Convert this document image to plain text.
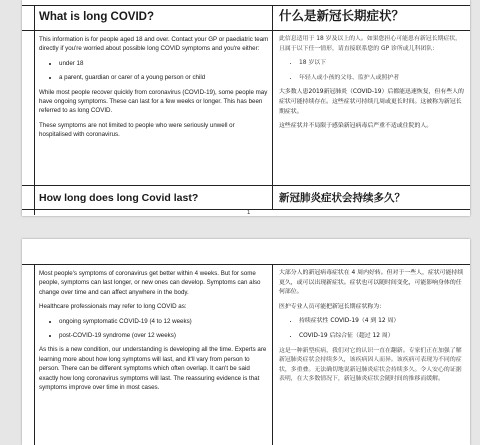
What is long COVID?	什么是新冠长期症状？

This information is for people aged 18 and over. Contact your GP or paediatric team directly if you're worried about possible long COVID symptoms and you're either:

• under 18
• a parent, guardian or carer of a young person or child

While most people recover quickly from coronavirus (COVID-19), some people may have ongoing symptoms. These can last for a few weeks or longer. This has been referred to as long COVID.

These symptoms are not limited to people who were seriously unwell or hospitalised with coronavirus.

此信息适用于 18 岁及以上的人。如果您担心可能患有新冠长期症状，且属于以下任一情形，请直接联系您的 GP 诊所或儿科团队：

• 18 岁以下
• 年轻人或小孩的父母、监护人或照护者

大多数人患2019新冠肺炎（COVID-19）后都能迅速恢复，但有些人的症状可能持续存在。这些症状可持续几周或更长时间。这被称为新冠长期症状。

这些症状并不局限于感染新冠病毒后严重不适或住院的人。

How long does long Covid last?	新冠肺炎症状会持续多久？
1

Most people's symptoms of coronavirus get better within 4 weeks. But for some people, symptoms can last longer, or new ones can develop. Symptoms can also change over time and can affect anywhere in the body.

Healthcare professionals may refer to long COVID as:

• ongoing symptomatic COVID-19 (4 to 12 weeks)
• post-COVID-19 syndrome (over 12 weeks)

As this is a new condition, our understanding is developing all the time. Experts are learning more about how long symptoms will last, and it'll vary from person to person. There can be different symptoms which often overlap. It can't be said exactly how long coronavirus symptoms will last. The reassuring evidence is that symptoms improve over time in most cases.

大部分人的新冠病毒症状在 4 周内好转。但对于一些人，症状可能持续更久，或可以出现新症状。症状也可以随时间变化，可能影响身体的任何部位。

医护专业人员可能把新冠长期症状称为：

• 持续症状性 COVID-19（4 到 12 周）
• COVID-19 后综合征（超过 12 周）

这是一种新型疾病，我们对它的认识一直在翻新。专家们正在加强了解新冠肺炎症状会持续多久，该疾病因人而异。该疾病可表现为不同的症状，多重叠。无法确切地说新冠肺炎症状会持续多久。令人安心的证据表明，在大多数情况下，新冠肺炎症状会随时间的推移而缓解。
